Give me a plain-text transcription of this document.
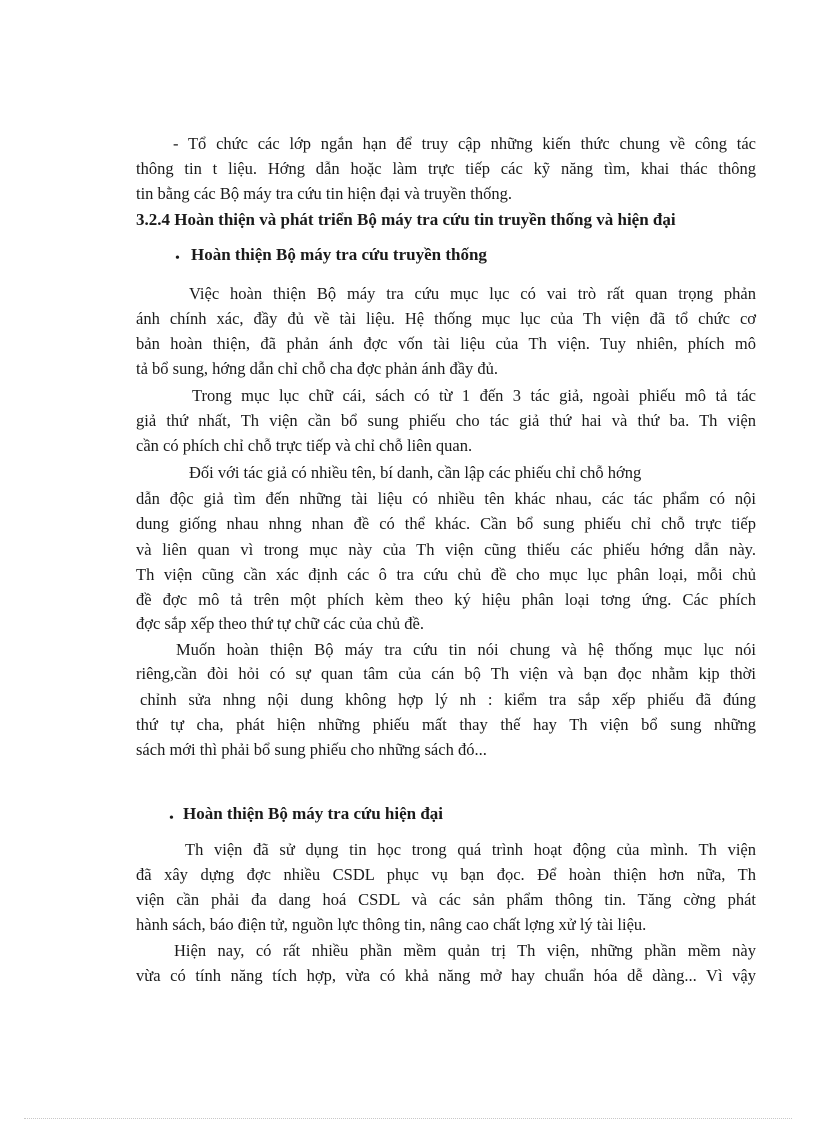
- Tổ chức các lớp ngắn hạn để truy cập những kiến thức chung về công tác
thông tin t liệu. Hớng dẫn hoặc làm trực tiếp các kỹ năng tìm, khai thác thông
tin bằng các Bộ máy tra cứu tin hiện đại và truyền thống.
3.2.4 Hoàn thiện và phát triển Bộ máy tra cứu tin truyền thống và hiện đại
• Hoàn thiện Bộ máy tra cứu truyền thống
Việc hoàn thiện Bộ máy tra cứu mục lục có vai trò rất quan trọng phản
ánh chính xác, đầy đủ về tài liệu. Hệ thống mục lục của Th viện đã tổ chức cơ
bản hoàn thiện, đã phản ánh đợc vốn tài liệu của Th viện. Tuy nhiên, phích mô
tả bổ sung, hớng dẫn chỉ chỗ cha đợc phản ánh đầy đủ.
Trong mục lục chữ cái, sách có từ 1 đến 3 tác giả, ngoài phiếu mô tả tác
giả thứ nhất, Th viện cần bổ sung phiếu cho tác giả thứ hai và thứ ba. Th viện
cần có phích chỉ chỗ trực tiếp và chỉ chỗ liên quan.
Đối với tác giả có nhiều tên, bí danh, cần lập các phiếu chỉ chỗ hớng
dẫn độc giả tìm đến những tài liệu có nhiều tên khác nhau, các tác phẩm có nội
dung giống nhau nhng nhan đề có thể khác. Cần bổ sung phiếu chỉ chỗ trực tiếp
và liên quan vì trong mục này của Th viện cũng thiếu các phiếu hớng dẫn này.
Th viện cũng cần xác định các ô tra cứu chủ đề cho mục lục phân loại, mỗi chủ
đề đợc mô tả trên một phích kèm theo ký hiệu phân loại tơng ứng. Các phích
đợc sắp xếp theo thứ tự chữ các của chủ đề.
Muốn hoàn thiện Bộ máy tra cứu tin nói chung và hệ thống mục lục nói
riêng,cần đòi hỏi có sự quan tâm của cán bộ Th viện và bạn đọc nhằm kịp thời
chỉnh sửa nhng nội dung không hợp lý nh : kiểm tra sắp xếp phiếu đã đúng
thứ tự cha, phát hiện những phiếu mất thay thế hay Th viện bổ sung những
sách mới thì phải bổ sung phiếu cho những sách đó...
• Hoàn thiện Bộ máy tra cứu hiện đại
Th viện đã sử dụng tin học trong quá trình hoạt động của mình. Th viện
đã xây dựng đợc nhiều CSDL phục vụ bạn đọc. Để hoàn thiện hơn nữa, Th
viện cần phải đa dang hoá CSDL và các sản phẩm thông tin. Tăng cờng phát
hành sách, báo điện tử, nguồn lực thông tin, nâng cao chất lợng xử lý tài liệu.
Hiện nay, có rất nhiều phần mềm quản trị Th viện, những phần mềm này
vừa có tính năng tích hợp, vừa có khả năng mở hay chuẩn hóa dễ dàng... Vì vậy
